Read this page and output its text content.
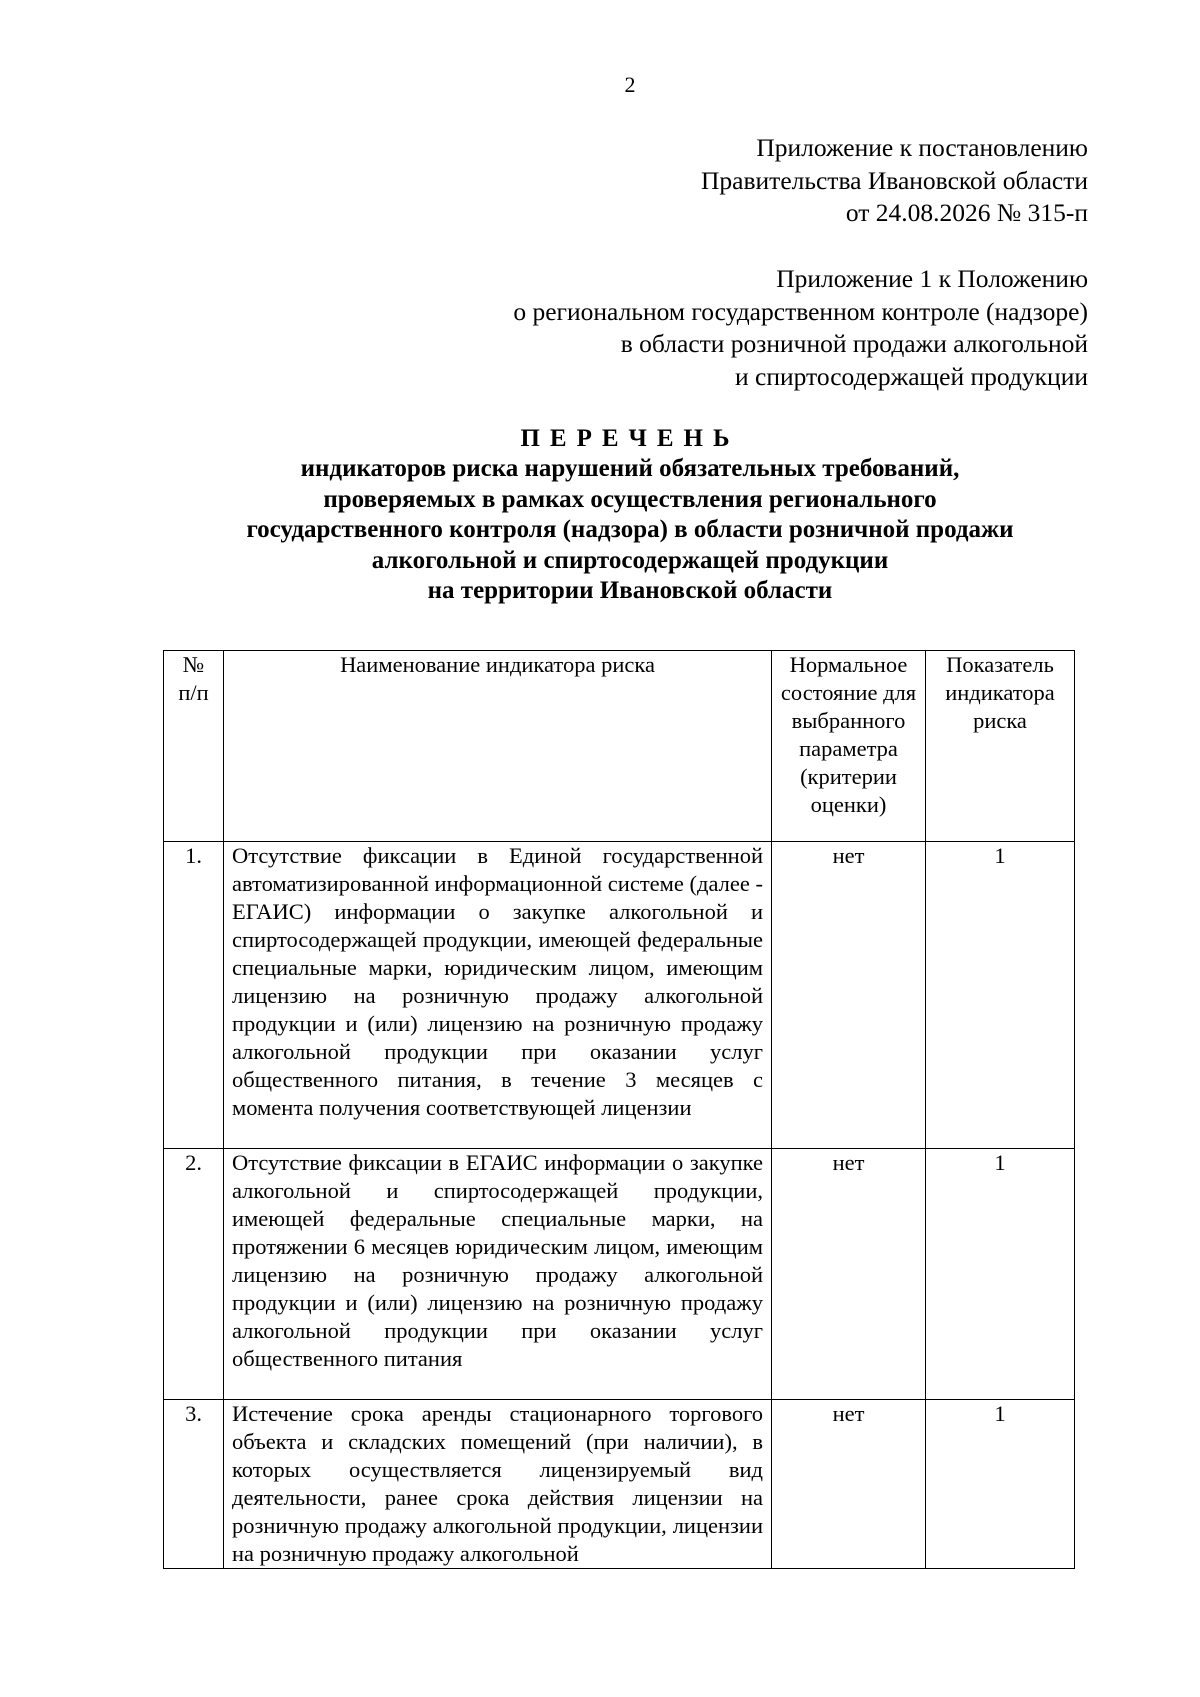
2
Приложение к постановлению
Правительства Ивановской области
от 24.08.2026 № 315-п
Приложение 1 к Положению
о региональном государственном контроле (надзоре)
в области розничной продажи алкогольной
и спиртосодержащей продукции
ПЕРЕЧЕНЬ
индикаторов риска нарушений обязательных требований,
проверяемых в рамках осуществления регионального
государственного контроля (надзора) в области розничной продажи
алкогольной и спиртосодержащей продукции
на территории Ивановской области
№ п/п	Наименование индикатора риска	Нормальное состояние для выбранного параметра (критерии оценки)	Показатель индикатора риска
1.	Отсутствие фиксации в Единой государственной автоматизированной информационной системе (далее - ЕГАИС) информации о закупке алкогольной и спиртосодержащей продукции, имеющей федеральные специальные марки, юридическим лицом, имеющим лицензию на розничную продажу алкогольной продукции и (или) лицензию на розничную продажу алкогольной продукции при оказании услуг общественного питания, в течение 3 месяцев с момента получения соответствующей лицензии	нет	1
2.	Отсутствие фиксации в ЕГАИС информации о закупке алкогольной и спиртосодержащей продукции, имеющей федеральные специальные марки, на протяжении 6 месяцев юридическим лицом, имеющим лицензию на розничную продажу алкогольной продукции и (или) лицензию на розничную продажу алкогольной продукции при оказании услуг общественного питания	нет	1
3.	Истечение срока аренды стационарного торгового объекта и складских помещений (при наличии), в которых осуществляется лицензируемый вид деятельности, ранее срока действия лицензии на розничную продажу алкогольной продукции, лицензии на розничную продажу алкогольной	нет	1
